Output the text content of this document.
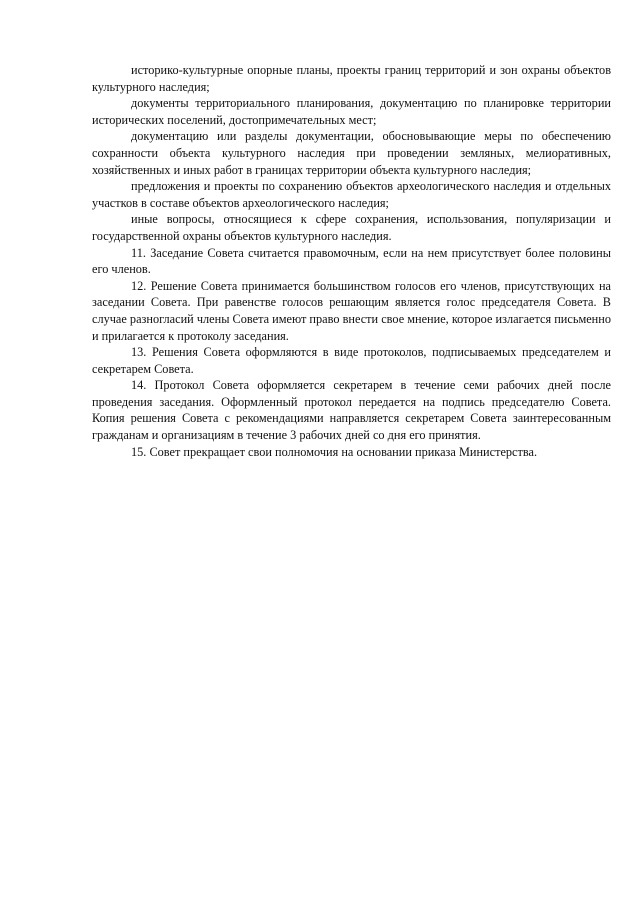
историко-культурные опорные планы, проекты границ территорий и зон охраны объектов культурного наследия;

документы территориального планирования, документацию по планировке территории исторических поселений, достопримечательных мест;

документацию или разделы документации, обосновывающие меры по обеспечению сохранности объекта культурного наследия при проведении земляных, мелиоративных, хозяйственных и иных работ в границах территории объекта культурного наследия;

предложения и проекты по сохранению объектов археологического наследия и отдельных участков в составе объектов археологического наследия;

иные вопросы, относящиеся к сфере сохранения, использования, популяризации и государственной охраны объектов культурного наследия.

11. Заседание Совета считается правомочным, если на нем присутствует более половины его членов.

12. Решение Совета принимается большинством голосов его членов, присутствующих на заседании Совета. При равенстве голосов решающим является голос председателя Совета. В случае разногласий члены Совета имеют право внести свое мнение, которое излагается письменно и прилагается к протоколу заседания.

13. Решения Совета оформляются в виде протоколов, подписываемых председателем и секретарем Совета.

14. Протокол Совета оформляется секретарем в течение семи рабочих дней после проведения заседания. Оформленный протокол передается на подпись председателю Совета. Копия решения Совета с рекомендациями направляется секретарем Совета заинтересованным гражданам и организациям в течение 3 рабочих дней со дня его принятия.

15. Совет прекращает свои полномочия на основании приказа Министерства.
